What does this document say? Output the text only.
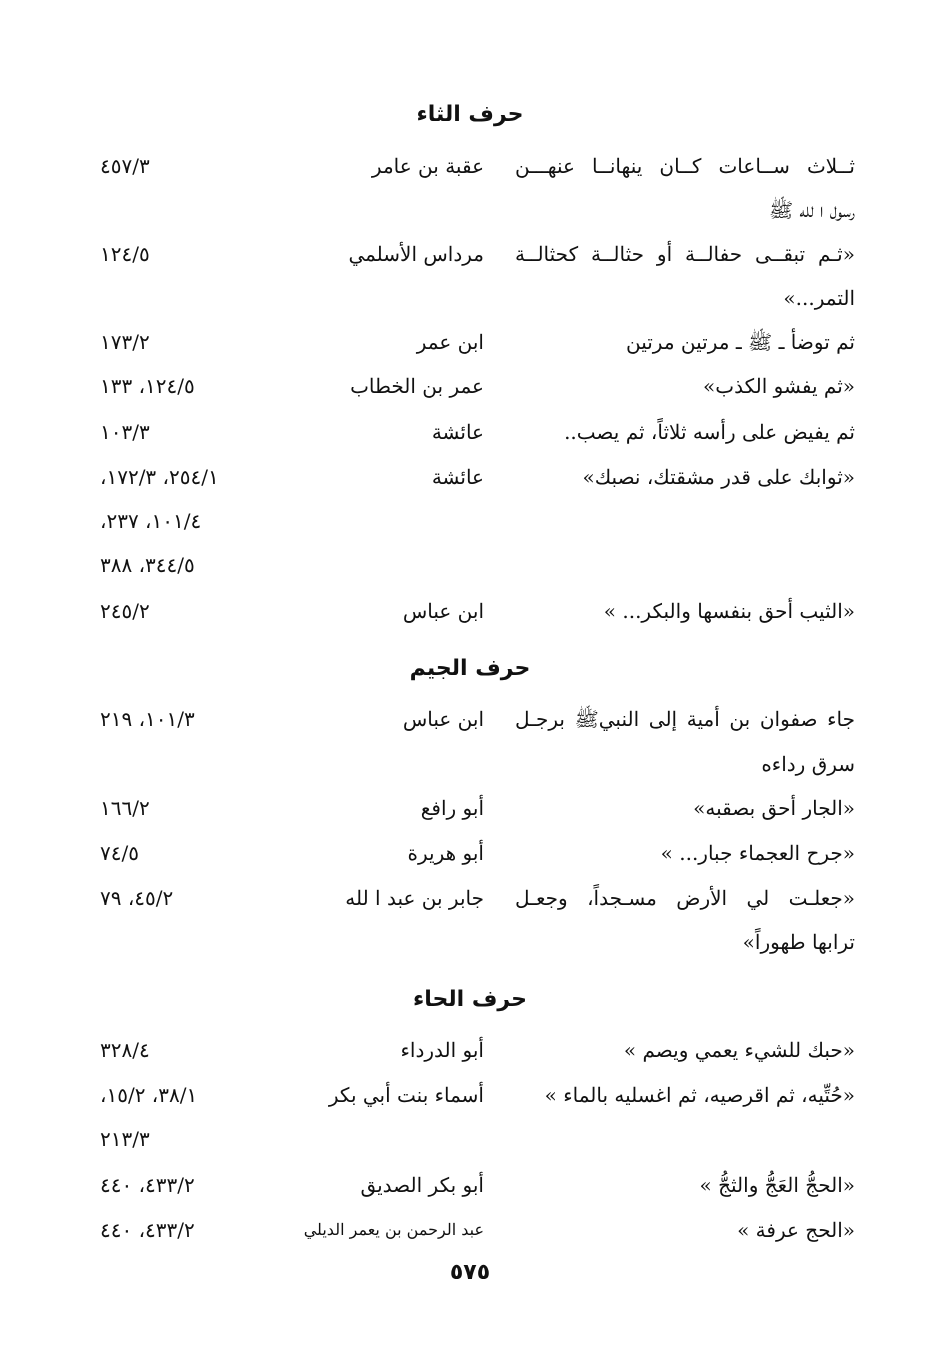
حرف الثاء
ثــلاث ســاعات كــان ينهانــا عنهـــن
عقبة بن عامر
٤٥٧/٣
رسول ا لله ﷺ
«ثـم تبقــى حفالــة أو حثالــة كحثالــة
مرداس الأسلمي
١٢٤/٥
التمر...»
ثم توضأ ـ ﷺ ـ مرتين مرتين
ابن عمر
١٧٣/٢
«ثم يفشو الكذب»
عمر بن الخطاب
١٢٤/٥، ١٣٣
ثم يفيض على رأسه ثلاثاً، ثم يصب..
عائشة
١٠٣/٣
«ثوابك على قدر مشقتك، نصبك»
عائشة
٢٥٤/١، ١٧٢/٣،
١٠١/٤، ٢٣٧،
٣٤٤/٥، ٣٨٨
«الثيب أحق بنفسها والبكر... »
ابن عباس
٢٤٥/٢
حرف الجيم
جاء صفوان بن أمية إلى النبيﷺ برجـل
ابن عباس
١٠١/٣، ٢١٩
سرق رداءه
«الجار أحق بصقبه»
أبو رافع
١٦٦/٢
«جرح العجماء جبار... »
أبو هريرة
٧٤/٥
«جعلـت لي الأرض مسـجداً، وجعـل
جابر بن عبد ا لله
٤٥/٢، ٧٩
ترابها طهوراً»
حرف الحاء
«حبك للشيء يعمي ويصم »
أبو الدرداء
٣٢٨/٤
«حُتِّيه، ثم اقرصيه، ثم اغسليه بالماء »
أسماء بنت أبي بكر
٣٨/١، ١٥/٢،
٢١٣/٣
«الحجُّ العَجُّ والثجُّ »
أبو بكر الصديق
٤٣٣/٢، ٤٤٠
«الحج عرفة »
عبد الرحمن بن يعمر الديلي
٤٣٣/٢، ٤٤٠
٥٧٥
